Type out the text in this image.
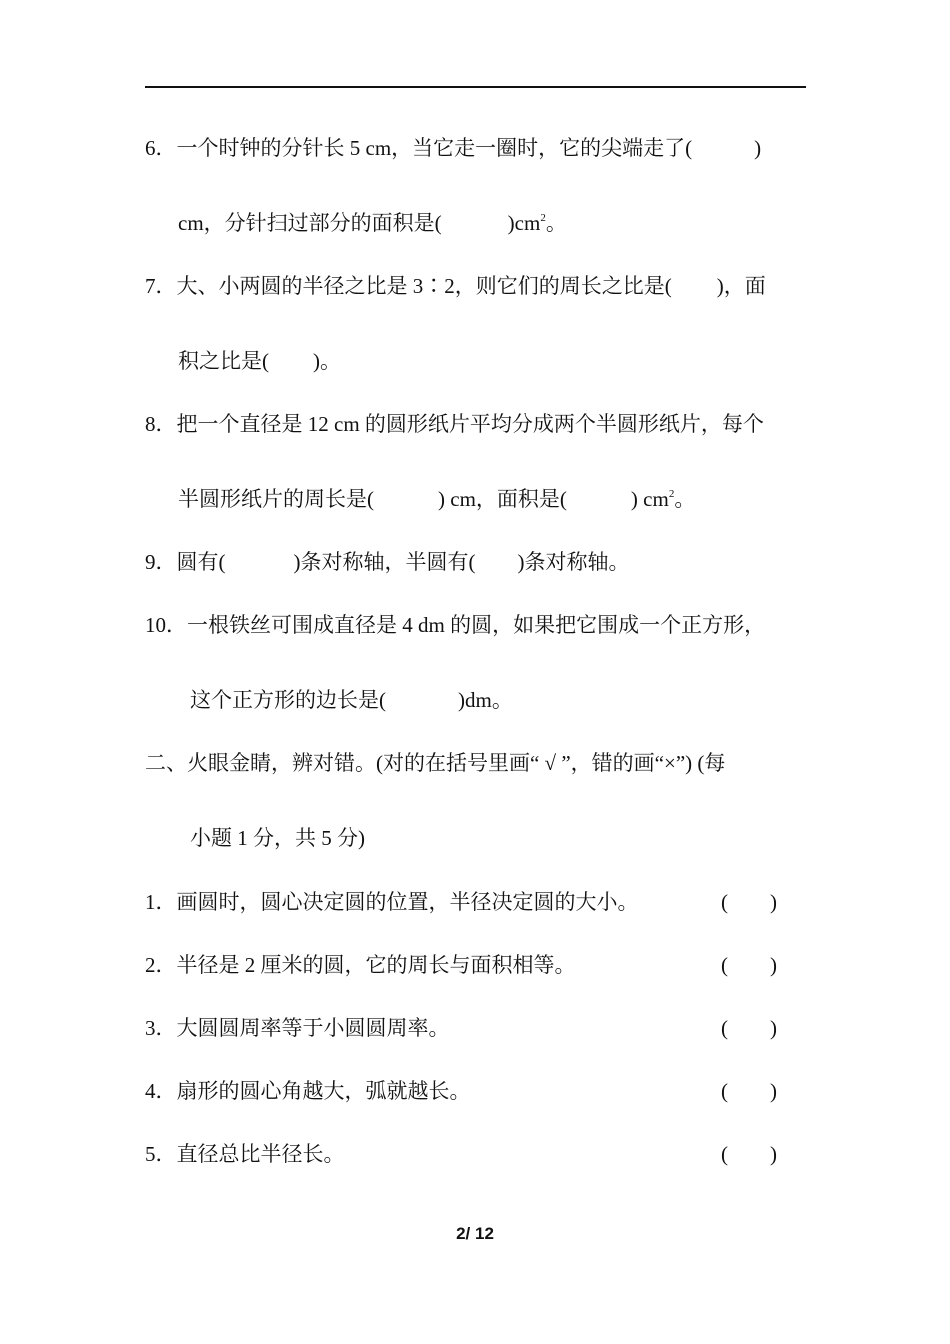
6．一个时钟的分针长 5 cm，当它走一圈时，它的尖端走了(	)
cm，分针扫过部分的面积是(	)$cm^2$。
7．大、小两圆的半径之比是 3∶2，则它们的周长之比是( )，面
积之比是( )。
8．把一个直径是 12 cm 的圆形纸片平均分成两个半圆形纸片，每个
半圆形纸片的周长是(	) cm，面积是(	) $cm^2$。
9．圆有(	)条对称轴，半圆有( )条对称轴。
10．一根铁丝可围成直径是 4 dm 的圆，如果把它围成一个正方形，
这个正方形的边长是(	)dm。
二、火眼金睛，辨对错。(对的在括号里画“ √ ”，错的画“×”) (每
小题 1 分，共 5 分)
1．画圆时，圆心决定圆的位置，半径决定圆的大小。	(　　)
2．半径是 2 厘米的圆，它的周长与面积相等。	(　　)
3．大圆圆周率等于小圆圆周率。	(　　)
4．扇形的圆心角越大，弧就越长。	(　　)
5．直径总比半径长。	(　　)
2/ 12
